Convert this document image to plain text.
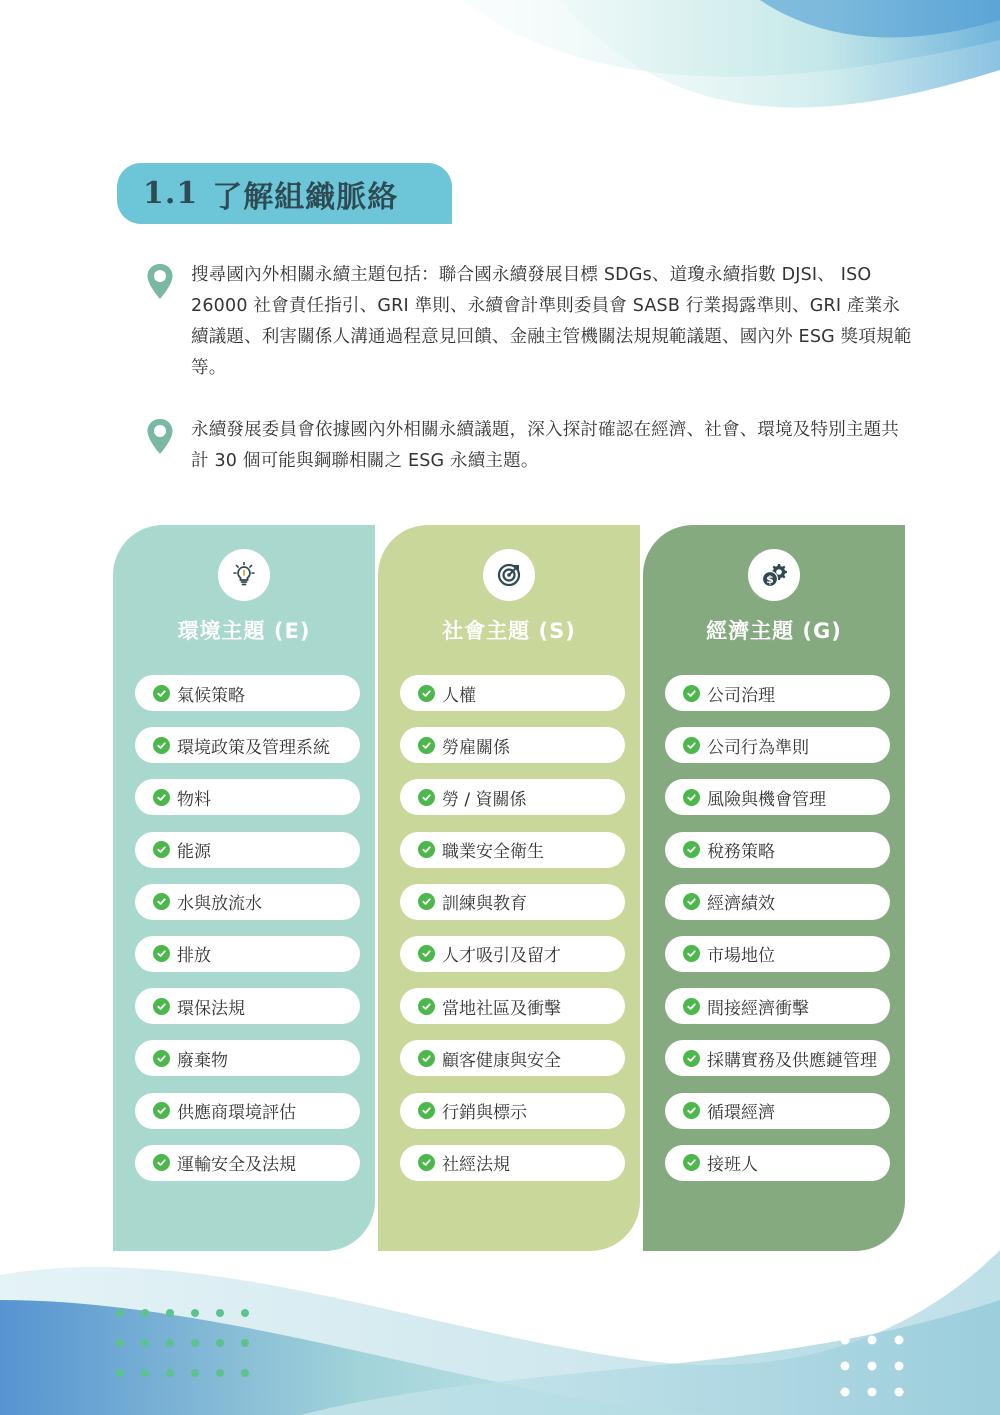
1.1 了解組織脈絡

搜尋國內外相關永續主題包括：聯合國永續發展目標 SDGs、道瓊永續指數 DJSI、 ISO 26000 社會責任指引、GRI 準則、永續會計準則委員會 SASB 行業揭露準則、GRI 產業永續議題、利害關係人溝通過程意見回饋、金融主管機關法規規範議題、國內外 ESG 獎項規範等。

永續發展委員會依據國內外相關永續議題，深入探討確認在經濟、社會、環境及特別主題共計 30 個可能與鋼聯相關之 ESG 永續主題。

環境主題 (E)
氣候策略
環境政策及管理系統
物料
能源
水與放流水
排放
環保法規
廢棄物
供應商環境評估
運輸安全及法規
社會主題 (S)
人權
勞雇關係
勞 / 資關係
職業安全衛生
訓練與教育
人才吸引及留才
當地社區及衝擊
顧客健康與安全
行銷與標示
社經法規
$
經濟主題 (G)
公司治理
公司行為準則
風險與機會管理
稅務策略
經濟績效
市場地位
間接經濟衝擊
採購實務及供應鏈管理
循環經濟
接班人
